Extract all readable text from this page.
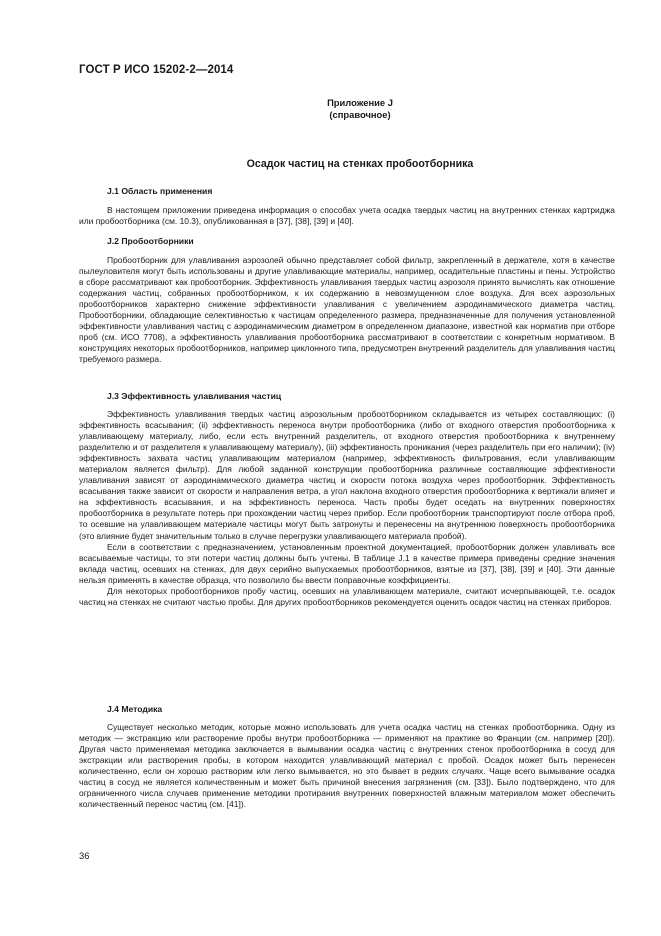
ГОСТ Р ИСО 15202-2—2014
Приложение J
(справочное)
Осадок частиц на стенках пробоотборника
J.1 Область применения

В настоящем приложении приведена информация о способах учета осадка твердых частиц на внутренних стенках картриджа или пробоотборника (см. 10.3), опубликованная в [37], [38], [39] и [40].

J.2 Пробоотборники

Пробоотборник для улавливания аэрозолей обычно представляет собой фильтр, закрепленный в держателе, хотя в качестве пылеуловителя могут быть использованы и другие улавливающие материалы, например, осадительные пластины и пены. Устройство в сборе рассматривают как пробоотборник. Эффективность улавливания твердых частиц аэрозоля принято вычислять как отношение содержания частиц, собранных пробоотборником, к их содержанию в невозмущенном слое воздуха. Для всех аэрозольных пробоотборников характерно снижение эффективности улавливания с увеличением аэродинамического диаметра частиц. Пробоотборники, обладающие селективностью к частицам определенного размера, предназначенные для получения установленной эффективности улавливания частиц с аэродинамическим диаметром в определенном диапазоне, известной как норматив при отборе проб (см. ИСО 7708), а эффективность улавливания пробоотборника рассматривают в соответствии с конкретным нормативом. В конструкциях некоторых пробоотборников, например циклонного типа, предусмотрен внутренний разделитель для улавливания частиц требуемого размера.

J.3 Эффективность улавливания частиц

Эффективность улавливания твердых частиц аэрозольным пробоотборником складывается из четырех составляющих: (i) эффективность всасывания; (ii) эффективность переноса внутри пробоотборника (либо от входного отверстия пробоотборника к улавливающему материалу, либо, если есть внутренний разделитель, от входного отверстия пробоотборника к внутреннему разделителю и от разделителя к улавливающему материалу), (iii) эффективность проникания (через разделитель при его наличии); (iv) эффективность захвата частиц улавливающим материалом (например, эффективность фильтрования, если улавливающим материалом является фильтр). Для любой заданной конструкции пробоотборника различные составляющие эффективности улавливания зависят от аэродинамического диаметра частиц и скорости потока воздуха через пробоотборник. Эффективность всасывания также зависит от скорости и направления ветра, а угол наклона входного отверстия пробоотборника к вертикали влияет и на эффективность всасывания, и на эффективность переноса. Часть пробы будет оседать на внутренних поверхностях пробоотборника в результате потерь при прохождении частиц через прибор. Если пробоотборник транспортируют после отбора проб, то осевшие на улавливающем материале частицы могут быть затронуты и перенесены на внутреннюю поверхность пробоотборника (это влияние будет значительным только в случае перегрузки улавливающего материала пробой).

Если в соответствии с предназначением, установленным проектной документацией, пробоотборник должен улавливать все всасываемые частицы, то эти потери частиц должны быть учтены. В таблице J.1 в качестве примера приведены средние значения вклада частиц, осевших на стенках, для двух серийно выпускаемых пробоотборников, взятые из [37], [38], [39] и [40]. Эти данные нельзя применять в качестве образца, что позволило бы ввести поправочные коэффициенты.

Для некоторых пробоотборников пробу частиц, осевших на улавливающем материале, считают исчерпывающей, т.е. осадок частиц на стенках не считают частью пробы. Для других пробоотборников рекомендуется оценить осадок частиц на стенках приборов.

J.4 Методика

Существует несколько методик, которые можно использовать для учета осадка частиц на стенках пробоотборника. Одну из методик — экстракцию или растворение пробы внутри пробоотборника — применяют на практике во Франции (см. например [20]). Другая часто применяемая методика заключается в вымывании осадка частиц с внутренних стенок пробоотборника в сосуд для экстракции или растворения пробы, в котором находится улавливающий материал с пробой. Осадок может быть перенесен количественно, если он хорошо растворим или легко вымывается, но это бывает в редких случаях. Чаще всего вымывание осадка частиц в сосуд не является количественным и может быть причиной внесения загрязнения (см. [33]). Было подтверждено, что для ограниченного числа случаев применение методики протирания внутренних поверхностей влажным материалом может обеспечить количественный перенос частиц (см. [41]).

36
